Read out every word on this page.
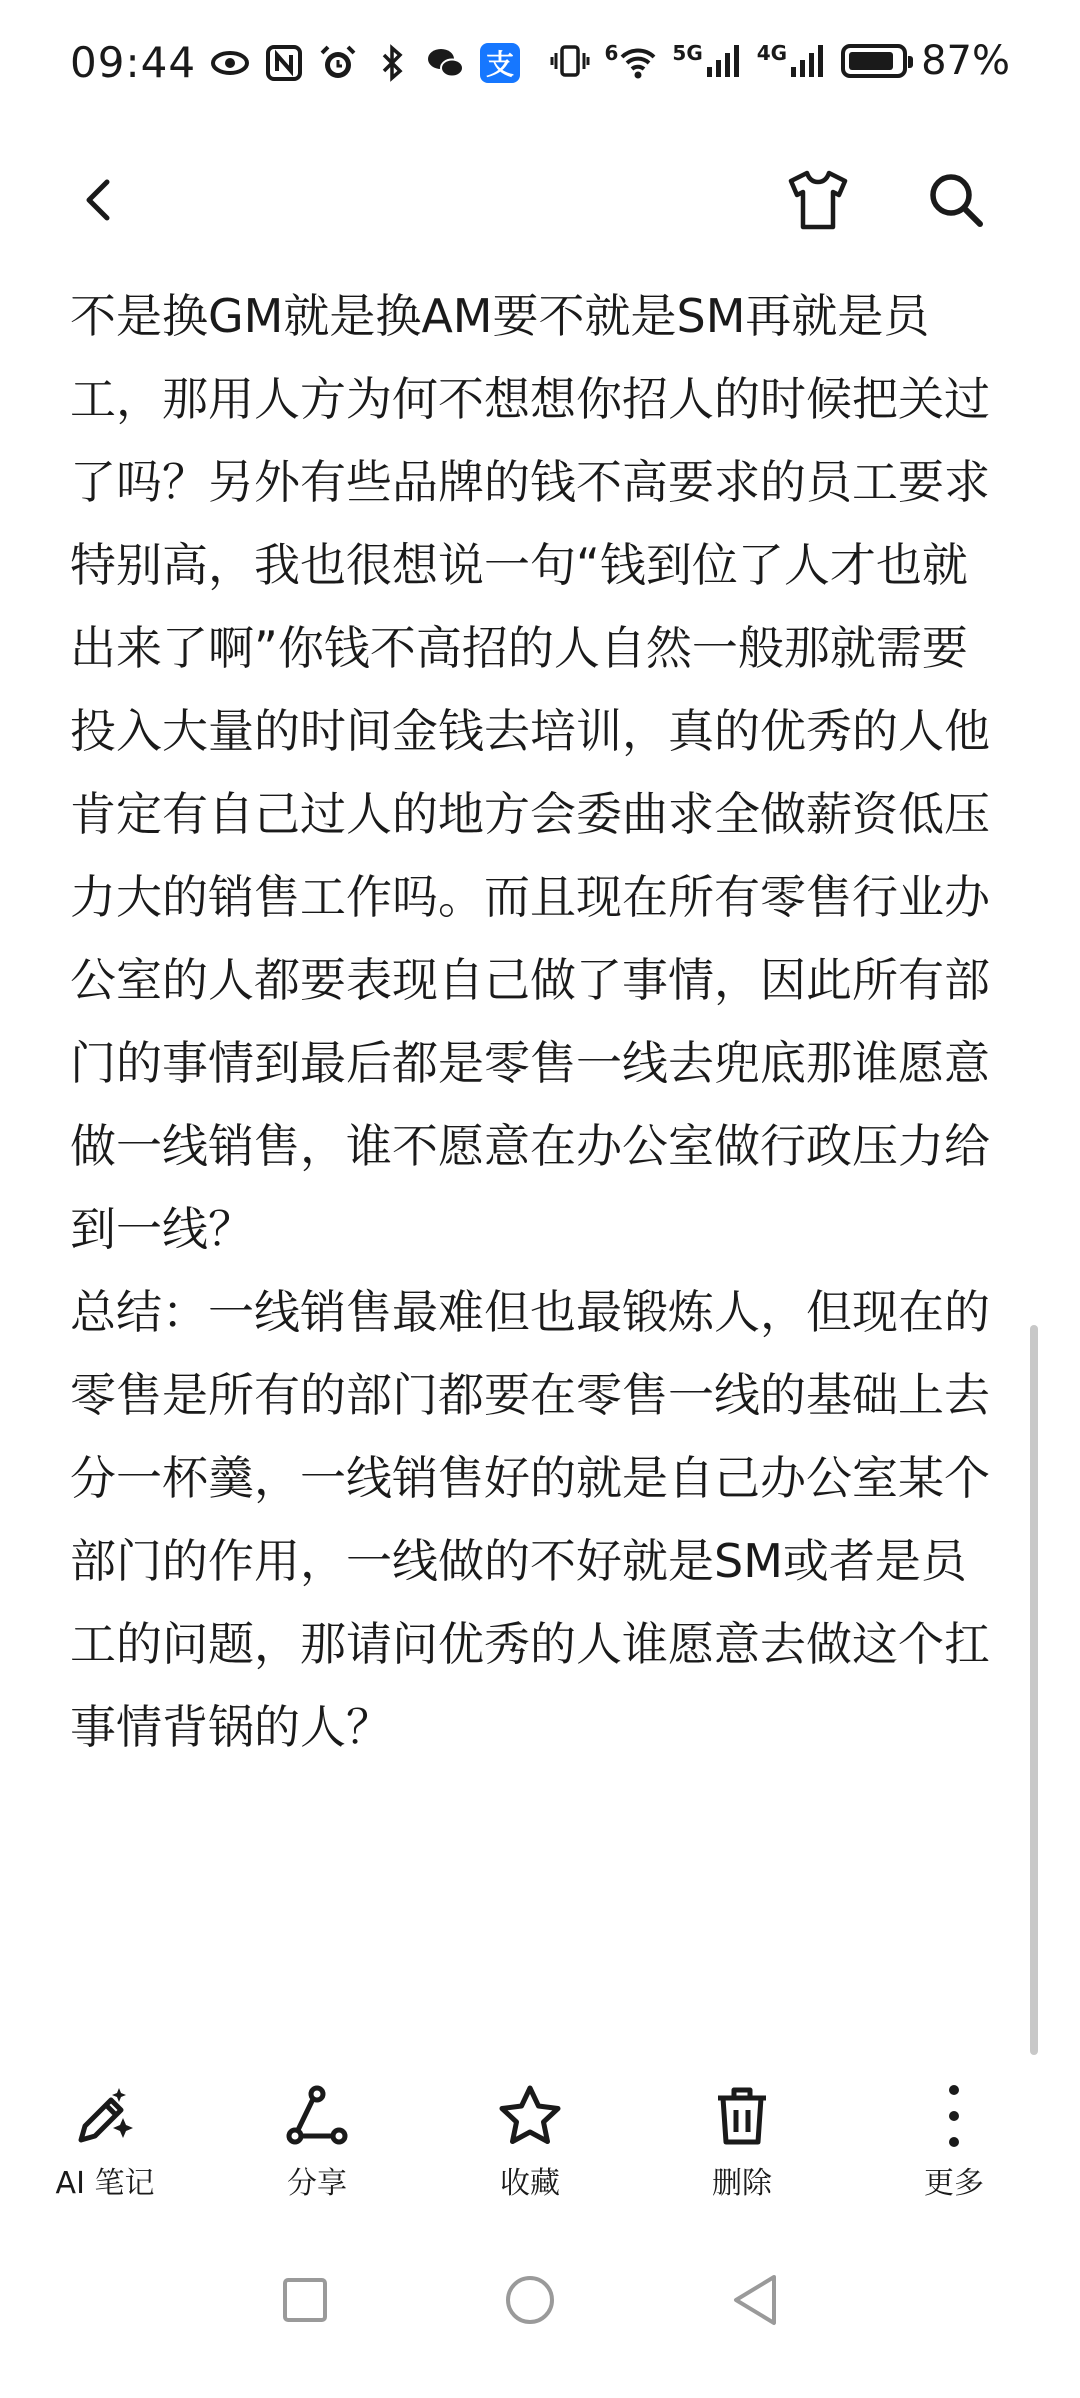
09:44	支	6	5G	4G	87%

不是换GM就是换AM要不就是SM再就是员工，那用人方为何不想想你招人的时候把关过了吗？另外有些品牌的钱不高要求的员工要求特别高，我也很想说一句“钱到位了人才也就出来了啊”你钱不高招的人自然一般那就需要投入大量的时间金钱去培训，真的优秀的人他肯定有自己过人的地方会委曲求全做薪资低压力大的销售工作吗。而且现在所有零售行业办公室的人都要表现自己做了事情，因此所有部门的事情到最后都是零售一线去兜底那谁愿意做一线销售，谁不愿意在办公室做行政压力给到一线？

总结：一线销售最难但也最锻炼人，但现在的零售是所有的部门都要在零售一线的基础上去分一杯羹，一线销售好的就是自己办公室某个部门的作用，一线做的不好就是SM或者是员工的问题，那请问优秀的人谁愿意去做这个扛事情背锅的人？

AI 笔记	分享	收藏	删除	更多
